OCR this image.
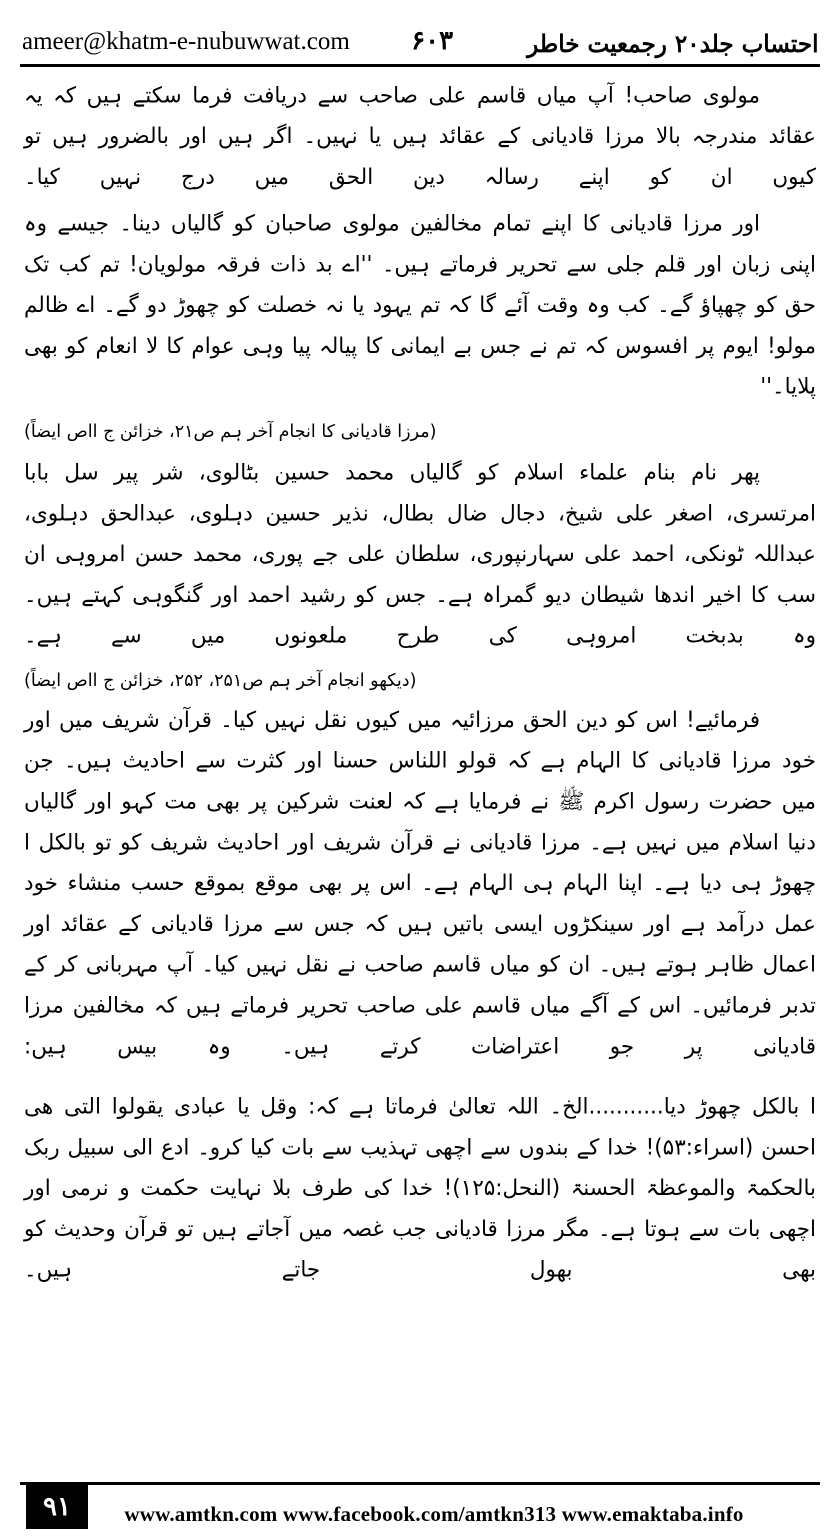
احتساب جلد۲۰ رجمعیت خاطر
۶۰۳
ameer@khatm-e-nubuwwat.com

مولوی صاحب! آپ میاں قاسم علی صاحب سے دریافت فرما سکتے ہیں کہ یہ عقائد مندرجہ بالا مرزا قادیانی کے عقائد ہیں یا نہیں۔ اگر ہیں اور بالضرور ہیں تو کیوں ان کو اپنے رسالہ دین الحق میں درج نہیں کیا۔

اور مرزا قادیانی کا اپنے تمام مخالفین مولوی صاحبان کو گالیاں دینا۔ جیسے وہ اپنی زبان اور قلم جلی سے تحریر فرماتے ہیں۔ ''اے بد ذات فرقہ مولویان! تم کب تک حق کو چھپاؤ گے۔ کب وہ وقت آئے گا کہ تم یہود یا نہ خصلت کو چھوڑ دو گے۔ اے ظالم مولو! ایوم پر افسوس کہ تم نے جس بے ایمانی کا پیالہ پیا وہی عوام کا لا انعام کو بھی پلایا۔''

(مرزا قادیانی کا انجام آخر ہم ص۲۱، خزائن ج ااص ایضاً)

پھر نام بنام علماء اسلام کو گالیاں محمد حسین بٹالوی، شر پیر سل بابا امرتسری، اصغر علی شیخ، دجال ضال بطال، نذیر حسین دہلوی، عبدالحق دہلوی، عبداللہ ٹونکی، احمد علی سہارنپوری، سلطان علی جے پوری، محمد حسن امروہی ان سب کا اخیر اندھا شیطان دیو گمراہ ہے۔ جس کو رشید احمد اور گنگوہی کہتے ہیں۔ وہ بدبخت امروہی کی طرح ملعونوں میں سے ہے۔

(دیکھو انجام آخر ہم ص۲۵۱، ۲۵۲، خزائن ج ااص ایضاً)

فرمائیے! اس کو دین الحق مرزائیہ میں کیوں نقل نہیں کیا۔ قرآن شریف میں اور خود مرزا قادیانی کا الہام ہے کہ قولو اللناس حسنا اور کثرت سے احادیث ہیں۔ جن میں حضرت رسول اکرم ﷺ نے فرمایا ہے کہ لعنت شرکین پر بھی مت کہو اور گالیاں دنیا اسلام میں نہیں ہے۔ مرزا قادیانی نے قرآن شریف اور احادیث شریف کو تو بالکل ا چھوڑ ہی دیا ہے۔ اپنا الہام ہی الہام ہے۔ اس پر بھی موقع بموقع حسب منشاء خود عمل درآمد ہے اور سینکڑوں ایسی باتیں ہیں کہ جس سے مرزا قادیانی کے عقائد اور اعمال ظاہر ہوتے ہیں۔ ان کو میاں قاسم صاحب نے نقل نہیں کیا۔ آپ مہربانی کر کے تدبر فرمائیں۔ اس کے آگے میاں قاسم علی صاحب تحریر فرماتے ہیں کہ مخالفین مرزا قادیانی پر جو اعتراضات کرتے ہیں۔ وہ بیس ہیں:

ا بالکل چھوڑ دیا...........الخ۔ اللہ تعالیٰ فرماتا ہے کہ: وقل یا عبادی یقولوا التی ھی احسن (اسراء:۵۳)! خدا کے بندوں سے اچھی تہذیب سے بات کیا کرو۔ ادع الی سبیل ربک بالحکمۃ والموعظۃ الحسنۃ (النحل:۱۲۵)! خدا کی طرف بلا نہایت حکمت و نرمی اور اچھی بات سے ہوتا ہے۔ مگر مرزا قادیانی جب غصہ میں آجاتے ہیں تو قرآن وحدیث کو بھی بھول جاتے ہیں۔

۹۱	www.amtkn.com www.facebook.com/amtkn313 www.emaktaba.info
